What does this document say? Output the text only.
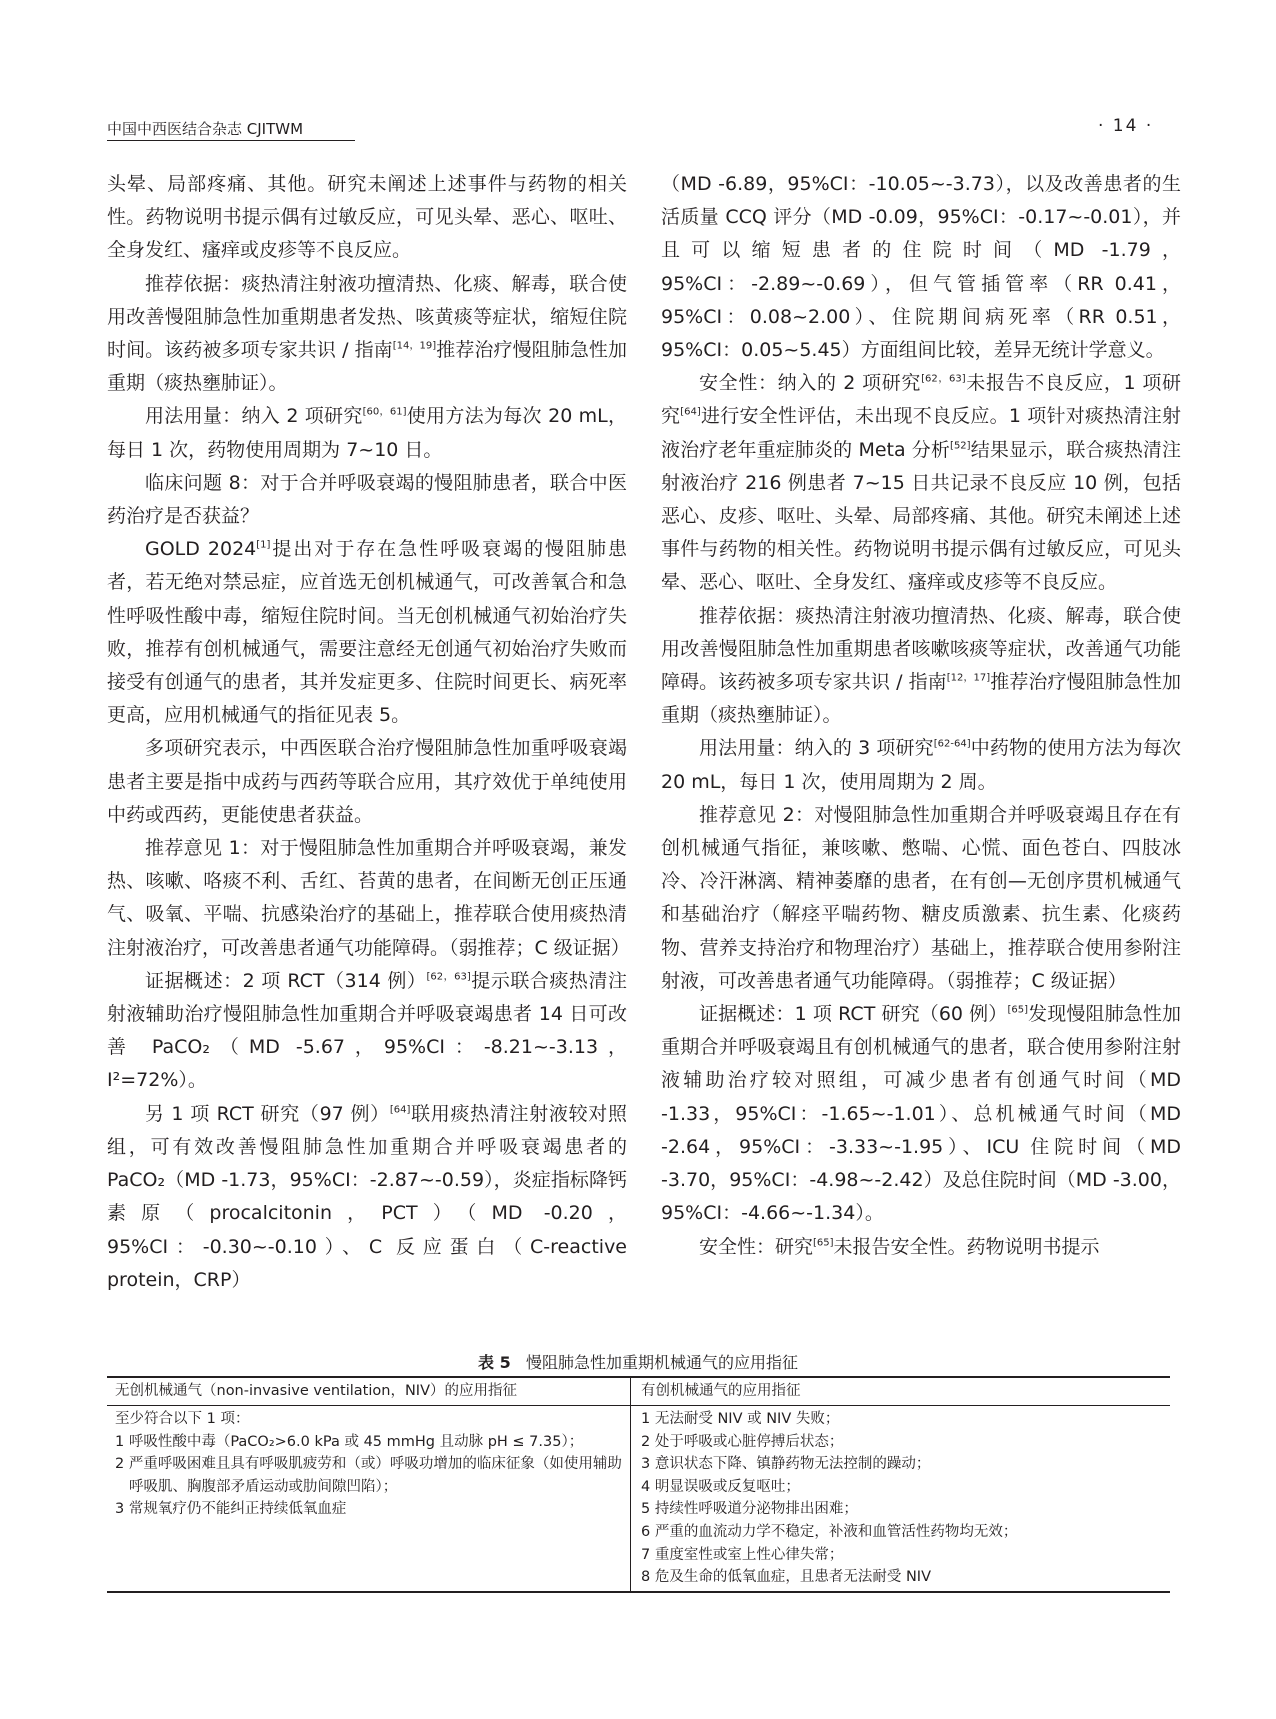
中国中西医结合杂志 CJITWM	· 14 ·

头晕、局部疼痛、其他。研究未阐述上述事件与药物的相关性。药物说明书提示偶有过敏反应，可见头晕、恶心、呕吐、全身发红、瘙痒或皮疹等不良反应。

推荐依据：痰热清注射液功擅清热、化痰、解毒，联合使用改善慢阻肺急性加重期患者发热、咳黄痰等症状，缩短住院时间。该药被多项专家共识 / 指南[14，19]推荐治疗慢阻肺急性加重期（痰热壅肺证）。

用法用量：纳入 2 项研究[60，61]使用方法为每次 20 mL，每日 1 次，药物使用周期为 7~10 日。

临床问题 8：对于合并呼吸衰竭的慢阻肺患者，联合中医药治疗是否获益？

GOLD 2024[1]提出对于存在急性呼吸衰竭的慢阻肺患者，若无绝对禁忌症，应首选无创机械通气，可改善氧合和急性呼吸性酸中毒，缩短住院时间。当无创机械通气初始治疗失败，推荐有创机械通气，需要注意经无创通气初始治疗失败而接受有创通气的患者，其并发症更多、住院时间更长、病死率更高，应用机械通气的指征见表 5。

多项研究表示，中西医联合治疗慢阻肺急性加重呼吸衰竭患者主要是指中成药与西药等联合应用，其疗效优于单纯使用中药或西药，更能使患者获益。

推荐意见 1：对于慢阻肺急性加重期合并呼吸衰竭，兼发热、咳嗽、咯痰不利、舌红、苔黄的患者，在间断无创正压通气、吸氧、平喘、抗感染治疗的基础上，推荐联合使用痰热清注射液治疗，可改善患者通气功能障碍。（弱推荐；C 级证据）

证据概述：2 项 RCT（314 例）[62，63]提示联合痰热清注射液辅助治疗慢阻肺急性加重期合并呼吸衰竭患者 14 日可改善 PaCO₂（MD -5.67，95%CI：-8.21~-3.13，I²=72%）。

另 1 项 RCT 研究（97 例）[64]联用痰热清注射液较对照组，可有效改善慢阻肺急性加重期合并呼吸衰竭患者的 PaCO₂（MD -1.73，95%CI：-2.87~-0.59），炎症指标降钙素原（procalcitonin，PCT）（MD -0.20，95%CI：-0.30~-0.10）、C 反应蛋白（C-reactive protein，CRP）

（MD -6.89，95%CI：-10.05~-3.73），以及改善患者的生活质量 CCQ 评分（MD -0.09，95%CI：-0.17~-0.01），并且可以缩短患者的住院时间（MD -1.79，95%CI：-2.89~-0.69），但气管插管率（RR 0.41，95%CI：0.08~2.00）、住院期间病死率（RR 0.51，95%CI：0.05~5.45）方面组间比较，差异无统计学意义。

安全性：纳入的 2 项研究[62，63]未报告不良反应，1 项研究[64]进行安全性评估，未出现不良反应。1 项针对痰热清注射液治疗老年重症肺炎的 Meta 分析[52]结果显示，联合痰热清注射液治疗 216 例患者 7~15 日共记录不良反应 10 例，包括恶心、皮疹、呕吐、头晕、局部疼痛、其他。研究未阐述上述事件与药物的相关性。药物说明书提示偶有过敏反应，可见头晕、恶心、呕吐、全身发红、瘙痒或皮疹等不良反应。

推荐依据：痰热清注射液功擅清热、化痰、解毒，联合使用改善慢阻肺急性加重期患者咳嗽咳痰等症状，改善通气功能障碍。该药被多项专家共识 / 指南[12，17]推荐治疗慢阻肺急性加重期（痰热壅肺证）。

用法用量：纳入的 3 项研究[62-64]中药物的使用方法为每次 20 mL，每日 1 次，使用周期为 2 周。

推荐意见 2：对慢阻肺急性加重期合并呼吸衰竭且存在有创机械通气指征，兼咳嗽、憋喘、心慌、面色苍白、四肢冰冷、冷汗淋漓、精神萎靡的患者，在有创—无创序贯机械通气和基础治疗（解痉平喘药物、糖皮质激素、抗生素、化痰药物、营养支持治疗和物理治疗）基础上，推荐联合使用参附注射液，可改善患者通气功能障碍。（弱推荐；C 级证据）

证据概述：1 项 RCT 研究（60 例）[65]发现慢阻肺急性加重期合并呼吸衰竭且有创机械通气的患者，联合使用参附注射液辅助治疗较对照组，可减少患者有创通气时间（MD -1.33，95%CI：-1.65~-1.01）、总机械通气时间（MD -2.64，95%CI：-3.33~-1.95）、ICU 住院时间（MD -3.70，95%CI：-4.98~-2.42）及总住院时间（MD -3.00，95%CI：-4.66~-1.34）。

安全性：研究[65]未报告安全性。药物说明书提示

表 5 慢阻肺急性加重期机械通气的应用指征
无创机械通气（non-invasive ventilation，NIV）的应用指征	有创机械通气的应用指征
至少符合以下 1 项：
1 呼吸性酸中毒（PaCO₂>6.0 kPa 或 45 mmHg 且动脉 pH ≤ 7.35）；
2 严重呼吸困难且具有呼吸肌疲劳和（或）呼吸功增加的临床征象（如使用辅助呼吸肌、胸腹部矛盾运动或肋间隙凹陷）；
3 常规氧疗仍不能纠正持续低氧血症
1 无法耐受 NIV 或 NIV 失败；
2 处于呼吸或心脏停搏后状态；
3 意识状态下降、镇静药物无法控制的躁动；
4 明显误吸或反复呕吐；
5 持续性呼吸道分泌物排出困难；
6 严重的血流动力学不稳定，补液和血管活性药物均无效；
7 重度室性或室上性心律失常；
8 危及生命的低氧血症，且患者无法耐受 NIV
